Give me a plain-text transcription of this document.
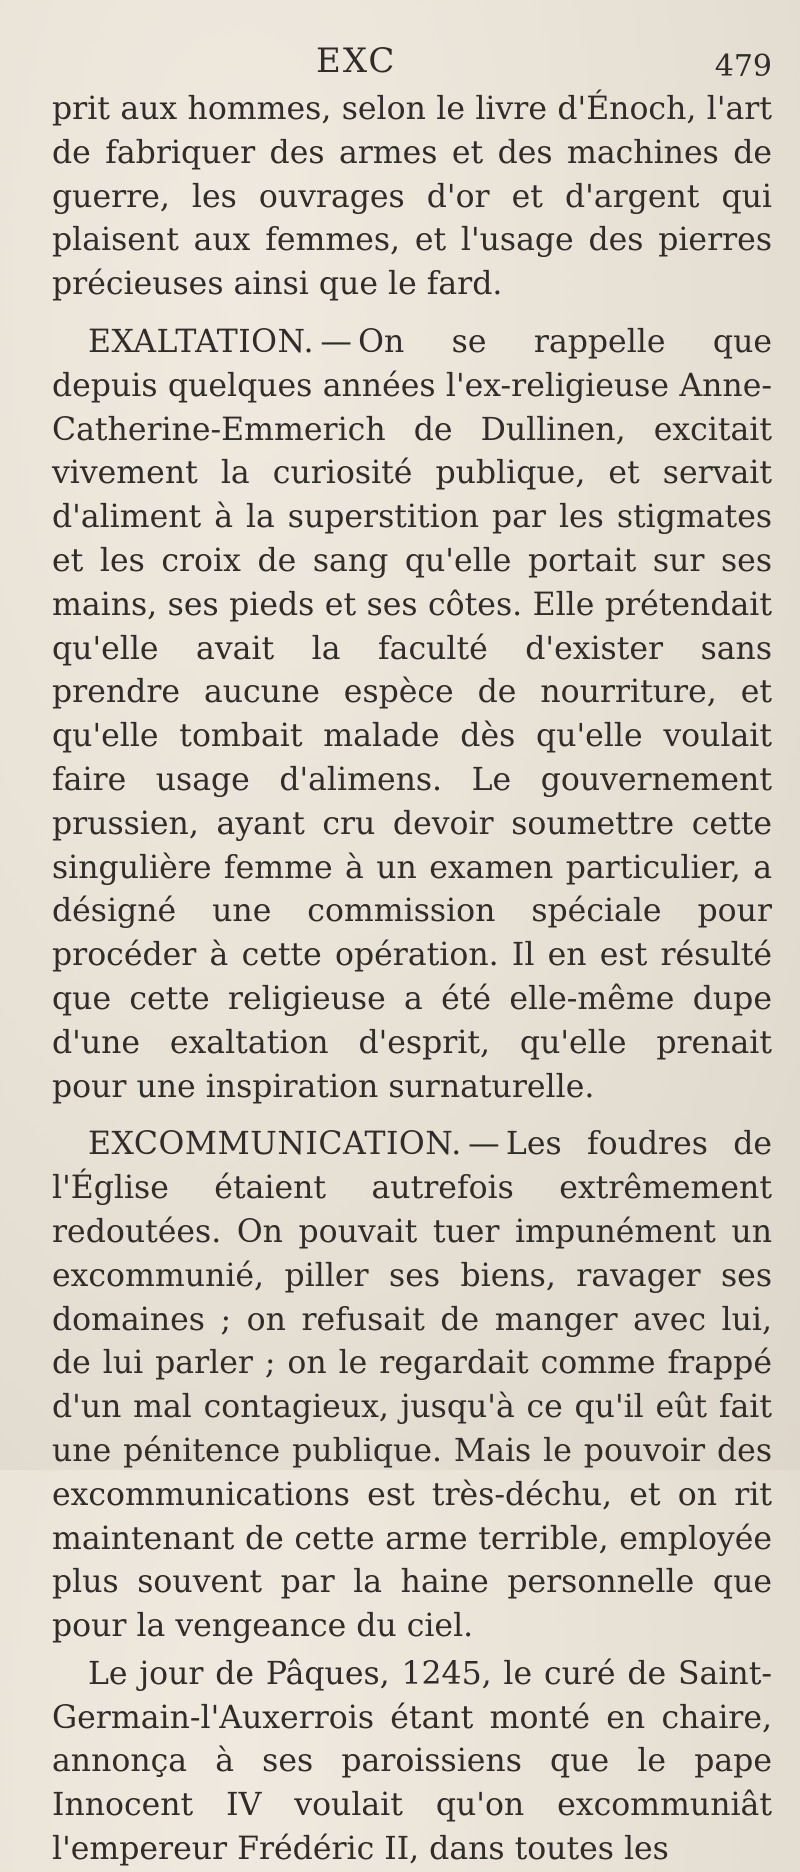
EXC	479

prit aux hommes, selon le livre d'Énoch, l'art de fabriquer des armes et des machines de guerre, les ouvrages d'or et d'argent qui plaisent aux femmes, et l'usage des pierres précieuses ainsi que le fard.

EXALTATION. — On se rappelle que depuis quelques années l'ex-religieuse Anne-Catherine-Emmerich de Dullinen, excitait vivement la curiosité publique, et servait d'aliment à la superstition par les stigmates et les croix de sang qu'elle portait sur ses mains, ses pieds et ses côtes. Elle prétendait qu'elle avait la faculté d'exister sans prendre aucune espèce de nourriture, et qu'elle tombait malade dès qu'elle voulait faire usage d'alimens. Le gouvernement prussien, ayant cru devoir soumettre cette singulière femme à un examen particulier, a désigné une commission spéciale pour procéder à cette opération. Il en est résulté que cette religieuse a été elle-même dupe d'une exaltation d'esprit, qu'elle prenait pour une inspiration surnaturelle.

EXCOMMUNICATION. — Les foudres de l'Église étaient autrefois extrêmement redoutées. On pouvait tuer impunément un excommunié, piller ses biens, ravager ses domaines ; on refusait de manger avec lui, de lui parler ; on le regardait comme frappé d'un mal contagieux, jusqu'à ce qu'il eût fait une pénitence publique. Mais le pouvoir des excommunications est très-déchu, et on rit maintenant de cette arme terrible, employée plus souvent par la haine personnelle que pour la vengeance du ciel.

Le jour de Pâques, 1245, le curé de Saint-Germain-l'Auxerrois étant monté en chaire, annonça à ses paroissiens que le pape Innocent IV voulait qu'on excommuniât l'empereur Frédéric II, dans toutes les
